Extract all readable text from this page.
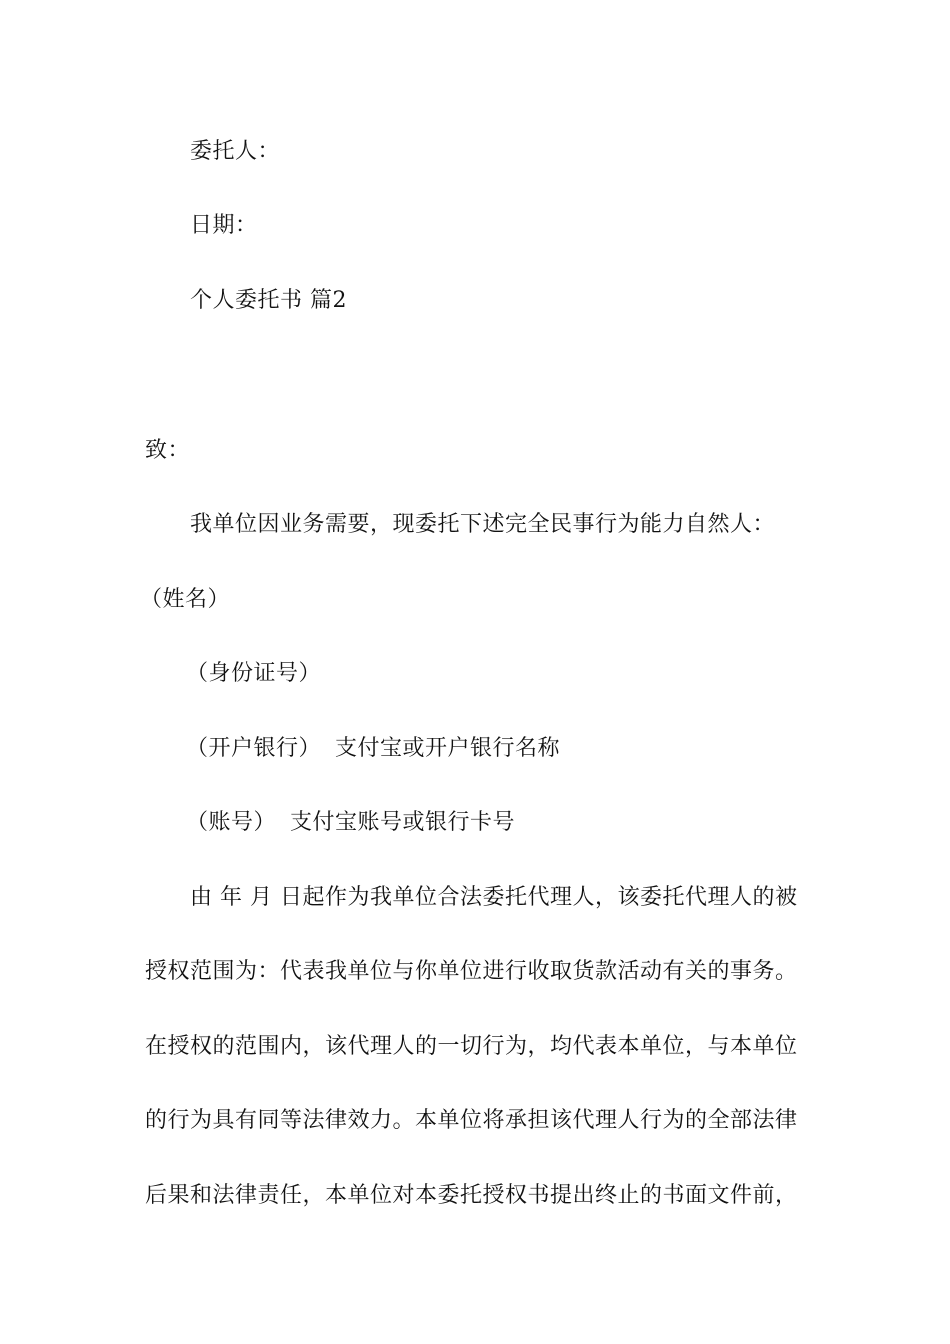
委托人：
日期：
个人委托书 篇2
致：
我单位因业务需要，现委托下述完全民事行为能力自然人：
（姓名）
（身份证号）
（开户银行） 支付宝或开户银行名称
（账号） 支付宝账号或银行卡号
由 年 月 日起作为我单位合法委托代理人，该委托代理人的被
授权范围为：代表我单位与你单位进行收取货款活动有关的事务。
在授权的范围内，该代理人的一切行为，均代表本单位，与本单位
的行为具有同等法律效力。本单位将承担该代理人行为的全部法律
后果和法律责任，本单位对本委托授权书提出终止的书面文件前，
